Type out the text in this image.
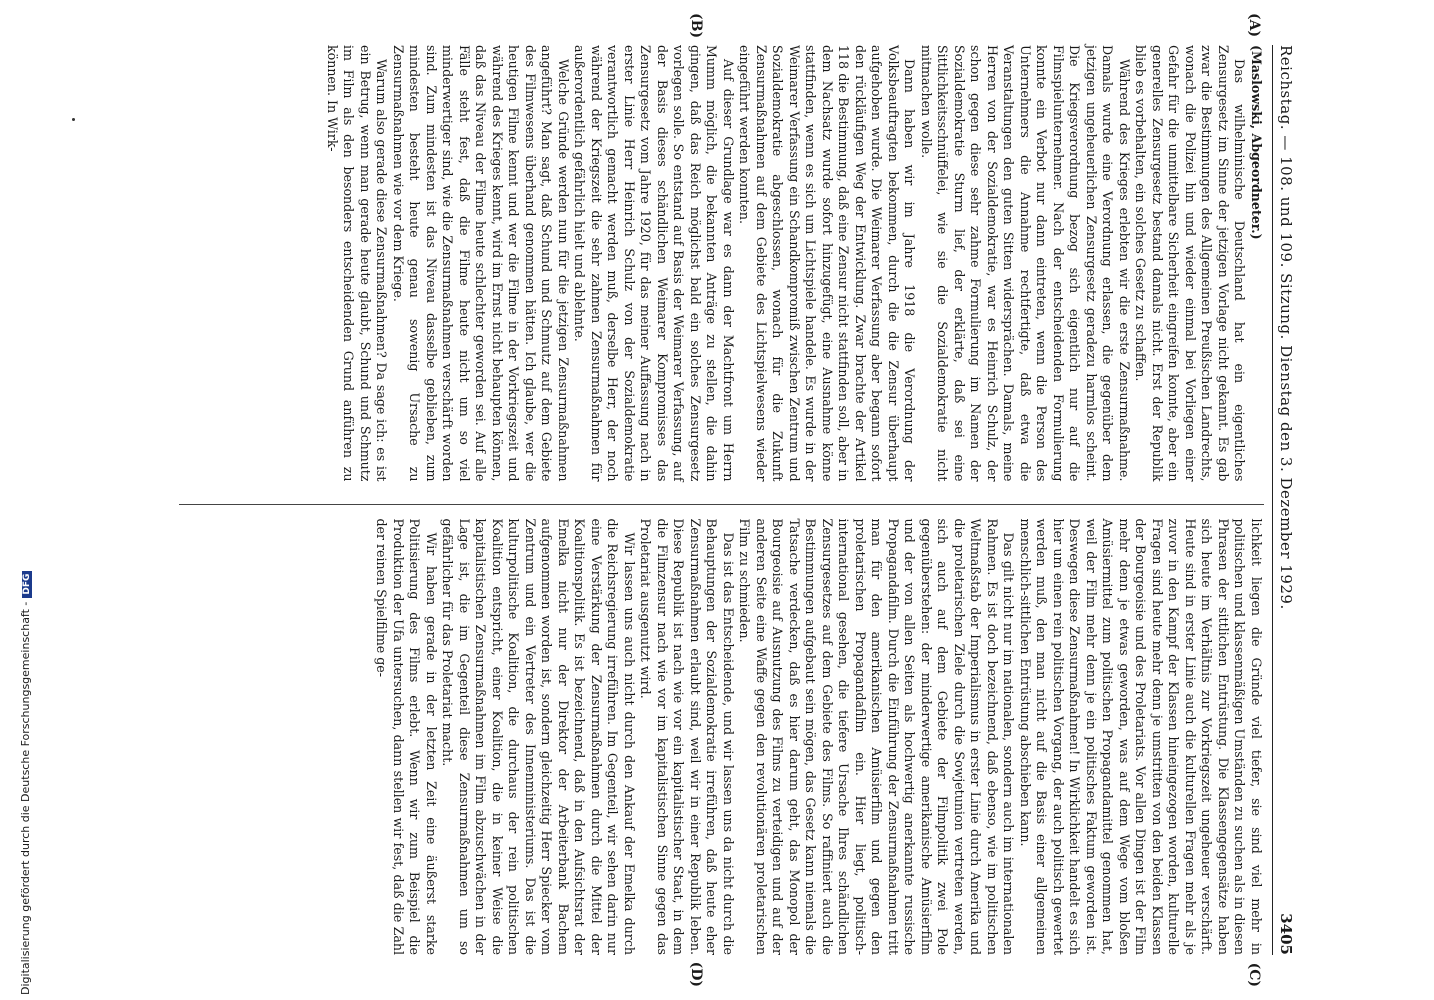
Digitalisierung gefördert durch die Deutsche Forschungsgemeinschaft -DFG	Reichstag. — 108. und 109. Sitzung. Dienstag den 3. Dezember 1929.
3405
(A)
(B)

(Maslowski, Abgeordneter.)

Das wilhelminische Deutschland hat ein eigentliches Zensurgesetz im Sinne der jetzigen Vorlage nicht gekannt. Es gab zwar die Bestimmungen des Allgemeinen Preußischen Landrechts, wonach die Polizei hin und wieder einmal bei Vorliegen einer Gefahr für die unmittelbare Sicherheit eingreifen konnte, aber ein generelles Zensurgesetz bestand damals nicht. Erst der Republik blieb es vorbehalten, ein solches Gesetz zu schaffen.

Während des Krieges erlebten wir die erste Zensurmaßnahme. Damals wurde eine Verordnung erlassen, die gegenüber dem jetzigen ungeheuerlichen Zensurgesetz geradezu harmlos scheint. Die Kriegsverordnung bezog sich eigentlich nur auf die Filmspielunternehmer. Nach der entscheidenden Formulierung konnte ein Verbot nur dann eintreten, wenn die Person des Unternehmers die Annahme rechtfertigte, daß etwa die Veranstaltungen den guten Sitten widersprächen. Damals, meine Herren von der Sozialdemokratie, war es Heinrich Schulz, der schon gegen diese sehr zahme Formulierung im Namen der Sozialdemokratie Sturm lief, der erklärte, daß sei eine Sittlichkeitsschnüffelei, wie sie die Sozialdemokratie nicht mitmachen wolle.

Dann haben wir im Jahre 1918 die Verordnung der Volksbeauftragten bekommen, durch die die Zensur überhaupt aufgehoben wurde. Die Weimarer Verfassung aber begann sofort den rückläufigen Weg der Entwicklung. Zwar brachte der Artikel 118 die Bestimmung, daß eine Zensur nicht stattfinden soll, aber in dem Nachsatz wurde sofort hinzugefügt, eine Ausnahme könne stattfinden, wenn es sich um Lichtspiele handele. Es wurde in der Weimarer Verfassung ein Schandkompromiß zwischen Zentrum und Sozialdemokratie abgeschlossen, wonach für die Zukunft Zensurmaßnahmen auf dem Gebiete des Lichtspielwesens wieder eingeführt werden konnten.

Auf dieser Grundlage war es dann der Machtfront um Herrn Mumm möglich, die bekannten Anträge zu stellen, die dahin gingen, daß das Reich möglichst bald ein solches Zensurgesetz vorlegen solle. So entstand auf Basis der Weimarer Verfassung, auf der Basis dieses schändlichen Weimarer Kompromisses das Zensurgesetz vom Jahre 1920, für das meiner Auffassung nach in erster Linie Herr Heinrich Schulz von der Sozialdemokratie verantwortlich gemacht werden muß, derselbe Herr, der noch während der Kriegszeit die sehr zahmen Zensurmaßnahmen für außerordentlich gefährlich hielt und ablehnte.

Welche Gründe werden nun für die jetzigen Zensurmaßnahmen angeführt? Man sagt, daß Schund und Schmutz auf dem Gebiete des Filmwesens überhand genommen hätten. Ich glaube, wer die heutigen Filme kennt und wer die Filme in der Vorkriegszeit und während des Krieges kennt, wird im Ernst nicht behaupten können, daß das Niveau der Filme heute schlechter geworden sei. Auf alle Fälle steht fest, daß die Filme heute nicht um so viel minderwertiger sind, wie die Zensurmaßnahmen verschärft worden sind. Zum mindesten ist das Niveau dasselbe geblieben, zum mindesten besteht heute genau sowenig Ursache zu Zensurmaßnahmen wie vor dem Kriege.

Warum also gerade diese Zensurmaßnahmen? Da sage ich: es ist ein Betrug, wenn man gerade heute glaubt, Schund und Schmutz im Film als den besonders entscheidenden Grund anführen zu können. In Wirk-

(C)
(D)

lichkeit liegen die Gründe viel tiefer, sie sind viel mehr in politischen und klassenmäßigen Umständen zu suchen als in diesen Phrasen der sittlichen Entrüstung. Die Klassengegensätze haben sich heute im Verhältnis zur Vorkriegszeit ungeheuer verschärft. Heute sind in erster Linie auch die kulturellen Fragen mehr als je zuvor in den Kampf der Klassen hineingezogen worden, kulturelle Fragen sind heute mehr denn je umstritten von den beiden Klassen der Bourgeoisie und des Proletariats. Vor allen Dingen ist der Film mehr denn je etwas geworden, was auf dem Wege vom bloßen Amüsiermittel zum politischen Propagandamittel genommen hat, weil der Film mehr denn je ein politisches Faktum geworden ist. Deswegen diese Zensurmaßnahmen! In Wirklichkeit handelt es sich hier um einen rein politischen Vorgang, der auch politisch gewertet werden muß, den man nicht auf die Basis einer allgemeinen menschlich-sittlichen Entrüstung abschieben kann.

Das gilt nicht nur im nationalen, sondern auch im internationalen Rahmen. Es ist doch bezeichnend, daß ebenso, wie im politischen Weltmaßstab der Imperialismus in erster Linie durch Amerika und die proletarischen Ziele durch die Sowjetunion vertreten werden, sich auch auf dem Gebiete der Filmpolitik zwei Pole gegenüberstehen: der minderwertige amerikanische Amüsierfilm und der von allen Seiten als hochwertig anerkannte russische Propagandafilm. Durch die Einführung der Zensurmaßnahmen tritt man für den amerikanischen Amüsierfilm und gegen den proletarischen Propagandafilm ein. Hier liegt, politisch-international gesehen, die tiefere Ursache Ihres schändlichen Zensurgesetzes auf dem Gebiete des Films. So raffiniert auch die Bestimmungen aufgebaut sein mögen, das Gesetz kann niemals die Tatsache verdecken, daß es hier darum geht, das Monopol der Bourgeoisie auf Ausnutzung des Films zu verteidigen und auf der anderen Seite eine Waffe gegen den revolutionären proletarischen Film zu schmieden.

Das ist das Entscheidende, und wir lassen uns da nicht durch die Behauptungen der Sozialdemokratie irreführen, daß heute eher Zensurmaßnahmen erlaubt sind, weil wir in einer Republik leben. Diese Republik ist nach wie vor ein kapitalistischer Staat, in dem die Filmzensur nach wie vor im kapitalistischen Sinne gegen das Proletariat ausgenutzt wird.

Wir lassen uns auch nicht durch den Ankauf der Emelka durch die Reichsregierung irreführen. Im Gegenteil, wir sehen darin nur eine Verstärkung der Zensurmaßnahmen durch die Mittel der Koalitionspolitik. Es ist bezeichnend, daß in den Aufsichtsrat der Emelka nicht nur der Direktor der Arbeiterbank Bachem aufgenommen worden ist, sondern gleichzeitig Herr Spiecker vom Zentrum und ein Vertreter des Innenministeriums. Das ist die kulturpolitische Koalition, die durchaus der rein politischen Koalition entspricht, einer Koalition, die in keiner Weise die kapitalistischen Zensurmaßnahmen im Film abzuschwächen in der Lage ist, die im Gegenteil diese Zensurmaßnahmen um so gefährlicher für das Proletariat macht.

Wir haben gerade in der letzten Zeit eine äußerst starke Politisierung des Films erlebt. Wenn wir zum Beispiel die Produktion der Ufa untersuchen, dann stellen wir fest, daß die Zahl der reinen Spielfilme ge-
